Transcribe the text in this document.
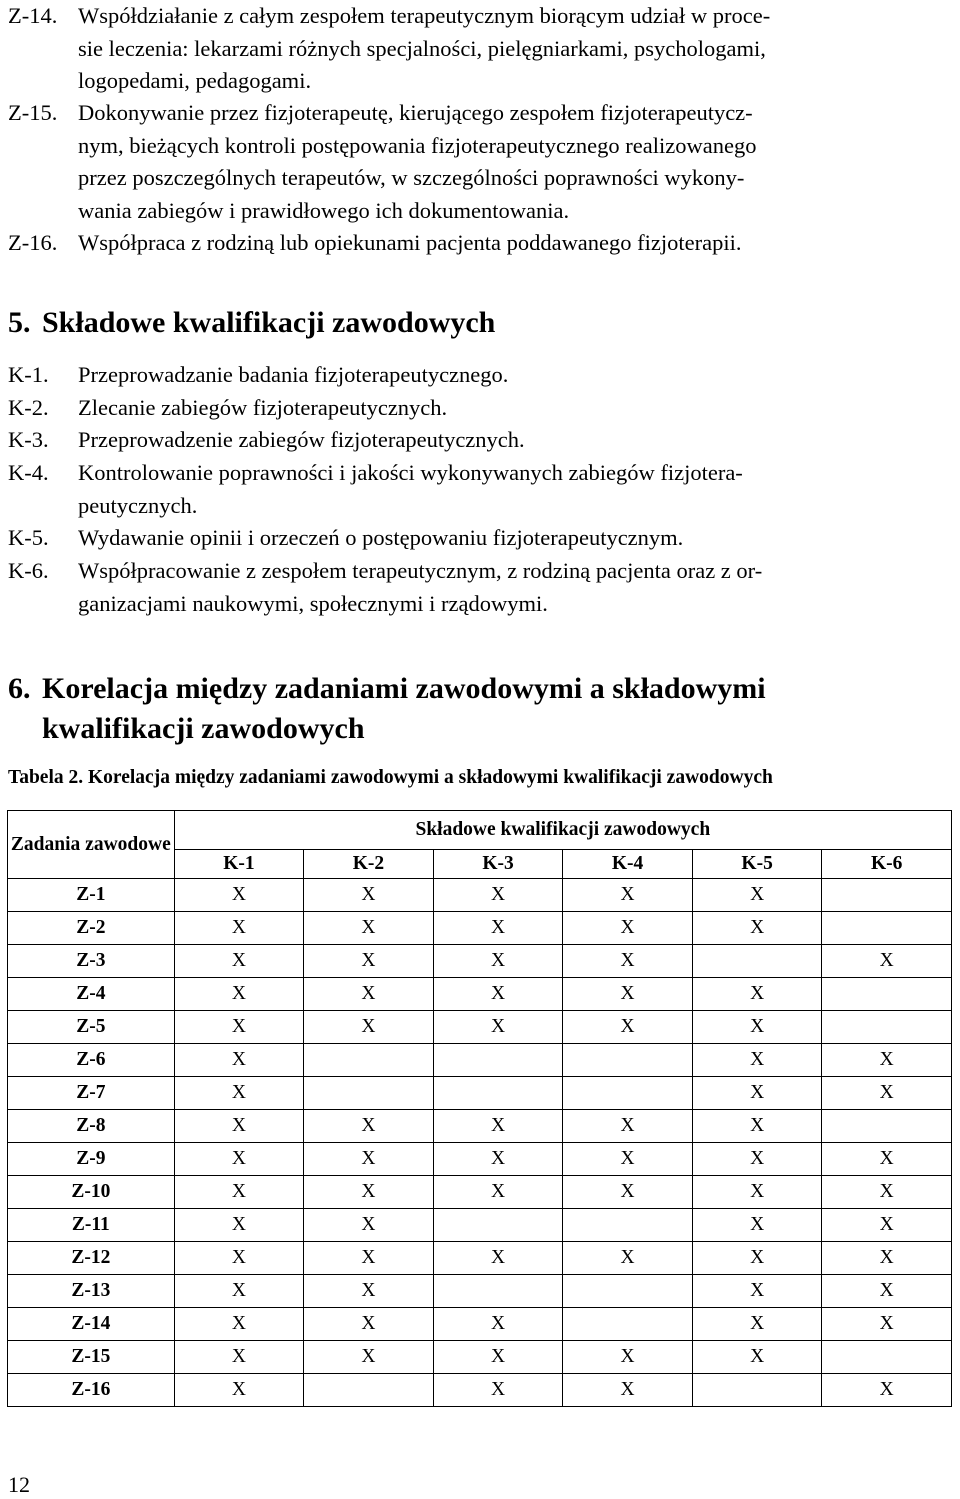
Z-14. Współdziałanie z całym zespołem terapeutycznym biorącym udział w proce-
sie leczenia: lekarzami różnych specjalności, pielęgniarkami, psychologami,
logopedami, pedagogami.
Z-15. Dokonywanie przez fizjoterapeutę, kierującego zespołem fizjoterapeutycz-
nym, bieżących kontroli postępowania fizjoterapeutycznego realizowanego
przez poszczególnych terapeutów, w szczególności poprawności wykony-
wania zabiegów i prawidłowego ich dokumentowania.
Z-16. Współpraca z rodziną lub opiekunami pacjenta poddawanego fizjoterapii.
5. Składowe kwalifikacji zawodowych
K-1.	Przeprowadzanie badania fizjoterapeutycznego.
K-2.	Zlecanie zabiegów fizjoterapeutycznych.
K-3.	Przeprowadzenie zabiegów fizjoterapeutycznych.
K-4.	Kontrolowanie poprawności i jakości wykonywanych zabiegów fizjotera-
peutycznych.
K-5.	Wydawanie opinii i orzeczeń o postępowaniu fizjoterapeutycznym.
K-6.	Współpracowanie z zespołem terapeutycznym, z rodziną pacjenta oraz z or-
ganizacjami naukowymi, społecznymi i rządowymi.
6. Korelacja między zadaniami zawodowymi a składowymi
kwalifikacji zawodowych
Tabela 2. Korelacja między zadaniami zawodowymi a składowymi kwalifikacji zawodowych
Zadania zawodowe	Składowe kwalifikacji zawodowych					
	K-1	K-2	K-3	K-4	K-5	K-6
Z-1	X	X	X	X	X	
Z-2	X	X	X	X	X	
Z-3	X	X	X	X		X
Z-4	X	X	X	X	X	
Z-5	X	X	X	X	X	
Z-6	X				X	X
Z-7	X				X	X
Z-8	X	X	X	X	X	
Z-9	X	X	X	X	X	X
Z-10	X	X	X	X	X	X
Z-11	X	X			X	X
Z-12	X	X	X	X	X	X
Z-13	X	X			X	X
Z-14	X	X	X		X	X
Z-15	X	X	X	X	X	
Z-16	X		X	X		X
12
